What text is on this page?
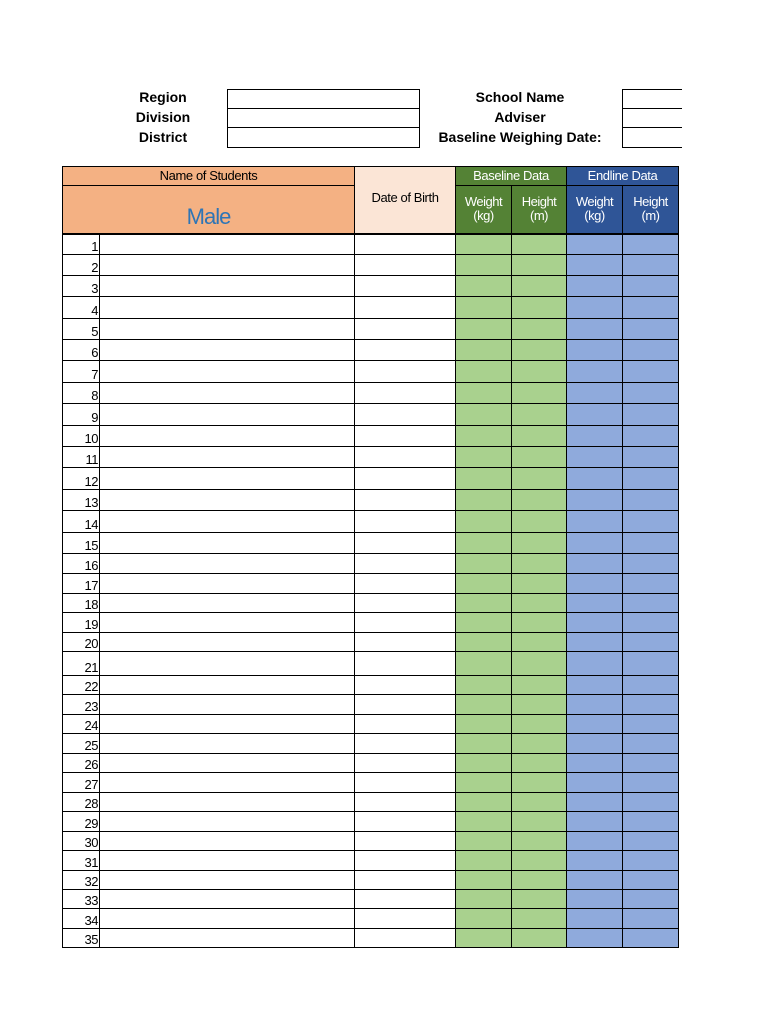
Region
Division
District
School Name
Adviser
Baseline Weighing Date:
Name of Students
Male
Date of Birth
Baseline Data	Endline Data
Weight
(kg)
Height
(m)
Weight
(kg)
Height
(m)
1
2
3
4
5
6
7
8
9
10
11
12
13
14
15
16
17
18
19
20
21
22
23
24
25
26
27
28
29
30
31
32
33
34
35
